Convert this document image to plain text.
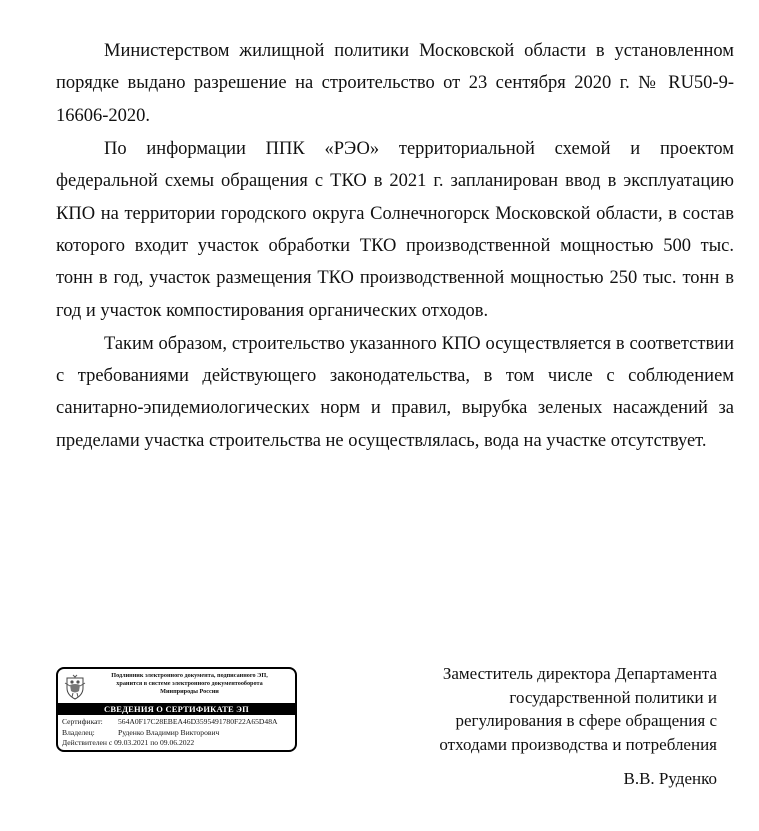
Министерством жилищной политики Московской области в установленном порядке выдано разрешение на строительство от 23 сентября 2020 г. № RU50-9-16606-2020.

По информации ППК «РЭО» территориальной схемой и проектом федеральной схемы обращения с ТКО в 2021 г. запланирован ввод в эксплуатацию КПО на территории городского округа Солнечногорск Московской области, в состав которого входит участок обработки ТКО производственной мощностью 500 тыс. тонн в год, участок размещения ТКО производственной мощностью 250 тыс. тонн в год и участок компостирования органических отходов.

Таким образом, строительство указанного КПО осуществляется в соответствии с требованиями действующего законодательства, в том числе с соблюдением санитарно-эпидемиологических норм и правил, вырубка зеленых насаждений за пределами участка строительства не осуществлялась, вода на участке отсутствует.

Подлинник электронного документа, подписанного ЭП,
хранится в системе электронного документооборота
Минприроды России
СВЕДЕНИЯ О СЕРТИФИКАТЕ ЭП
Сертификат: 564A0F17C28EBEA46D3595491780F22A65D48A
Владелец:	Руденко Владимир Викторович
Действителен с 09.03.2021 по 09.06.2022
Заместитель директора Департамента
государственной политики и
регулирования в сфере обращения с
отходами производства и потребления
В.В. Руденко
